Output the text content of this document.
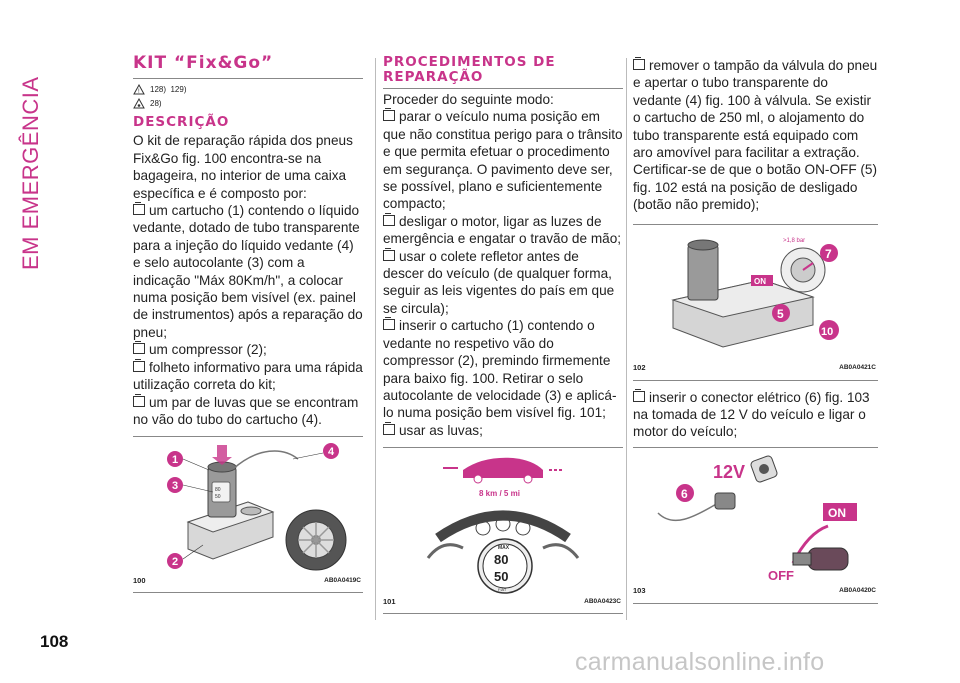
EM EMERGÊNCIA
108
KIT “Fix&Go”
! 128)
129)
28)
DESCRIÇÃO

O kit de reparação rápida dos pneus Fix&Go fig. 100 encontra-se na bagageira, no interior de uma caixa específica e é composto por:

um cartucho (1) contendo o líquido vedante, dotado de tubo transparente para a injeção do líquido vedante (4) e selo autocolante (3) com a indicação "Máx 80Km/h", a colocar numa posição bem visível (ex. painel de instrumentos) após a reparação do pneu;

um compressor (2);

folheto informativo para uma rápida utilização correta do kit;

um par de luvas que se encontram no vão do tubo do cartucho (4).

80
50
1
3
2
4
100	AB0A0419C
PROCEDIMENTOS DE REPARAÇÃO

Proceder do seguinte modo:

parar o veículo numa posição em que não constitua perigo para o trânsito e que permita efetuar o procedimento em segurança. O pavimento deve ser, se possível, plano e suficientemente compacto;

desligar o motor, ligar as luzes de emergência e engatar o travão de mão;

usar o colete refletor antes de descer do veículo (de qualquer forma, seguir as leis vigentes do país em que se circula);

inserir o cartucho (1) contendo o vedante no respetivo vão do compressor (2), premindo firmemente para baixo fig. 100. Retirar o selo autocolante de velocidade (3) e aplicá-lo numa posição bem visível fig. 101;

usar as luvas;

8 km / 5 mi
MAX
80
50
FIAT
101	AB0A0423C

remover o tampão da válvula do pneu e apertar o tubo transparente do vedante (4) fig. 100 à válvula. Se existir o cartucho de 250 ml, o alojamento do tubo transparente está equipado com aro amovível para facilitar a extração. Certificar-se de que o botão ON-OFF (5) fig. 102 está na posição de desligado (botão não premido);

>1,8 bar
ON
7
5
10
102	AB0A0421C

inserir o conector elétrico (6) fig. 103 na tomada de 12 V do veículo e ligar o motor do veículo;

12V
6
ON
OFF
103	AB0A0420C
carmanualsonline.info
